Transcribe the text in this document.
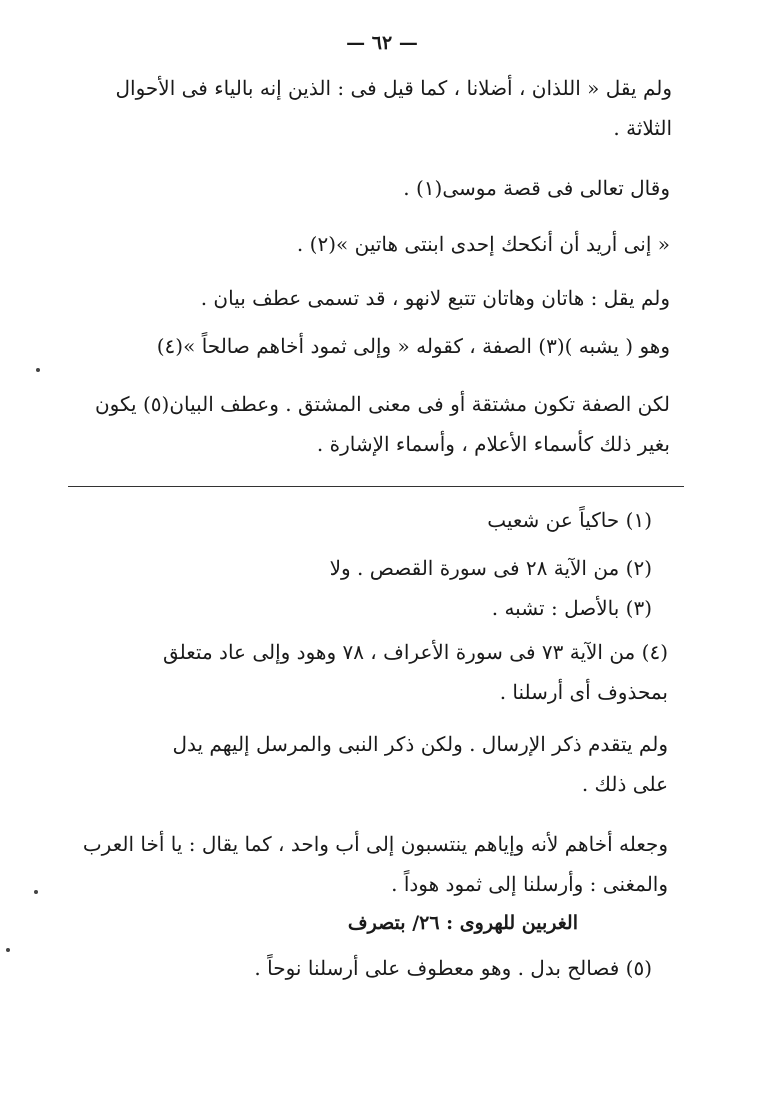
— ٦٢ —
ولم يقل « اللذان ، أضلانا ، كما قيل فى : الذين إنه بالياء فى الأحوال
الثلاثة .
وقال تعالى فى قصة موسى(١) .
« إنى أريد أن أنكحك إحدى ابنتى هاتين »(٢) .
ولم يقل : هاتان وهاتان تتبع لانهو ، قد تسمى عطف بيان .
وهو ( يشبه )(٣) الصفة ، كقوله « وإلى ثمود أخاهم صالحاً »(٤)
لكن الصفة تكون مشتقة أو فى معنى المشتق . وعطف البيان(٥) يكون
بغير ذلك كأسماء الأعلام ، وأسماء الإشارة .
(١) حاكياً عن شعيب
(٢) من الآية ٢٨ فى سورة القصص . ولا
(٣) بالأصل : تشبه .
(٤) من الآية ٧٣ فى سورة الأعراف ، ٧٨ وهود وإلى عاد متعلق
بمحذوف أى أرسلنا .
ولم يتقدم ذكر الإرسال . ولكن ذكر النبى والمرسل إليهم يدل
على ذلك .
وجعله أخاهم لأنه وإياهم ينتسبون إلى أب واحد ، كما يقال : يا أخا العرب
والمغنى : وأرسلنا إلى ثمود هوداً .
الغربين للهروى : ٢٦/ بتصرف
(٥) فصالح بدل . وهو معطوف على أرسلنا نوحاً .
